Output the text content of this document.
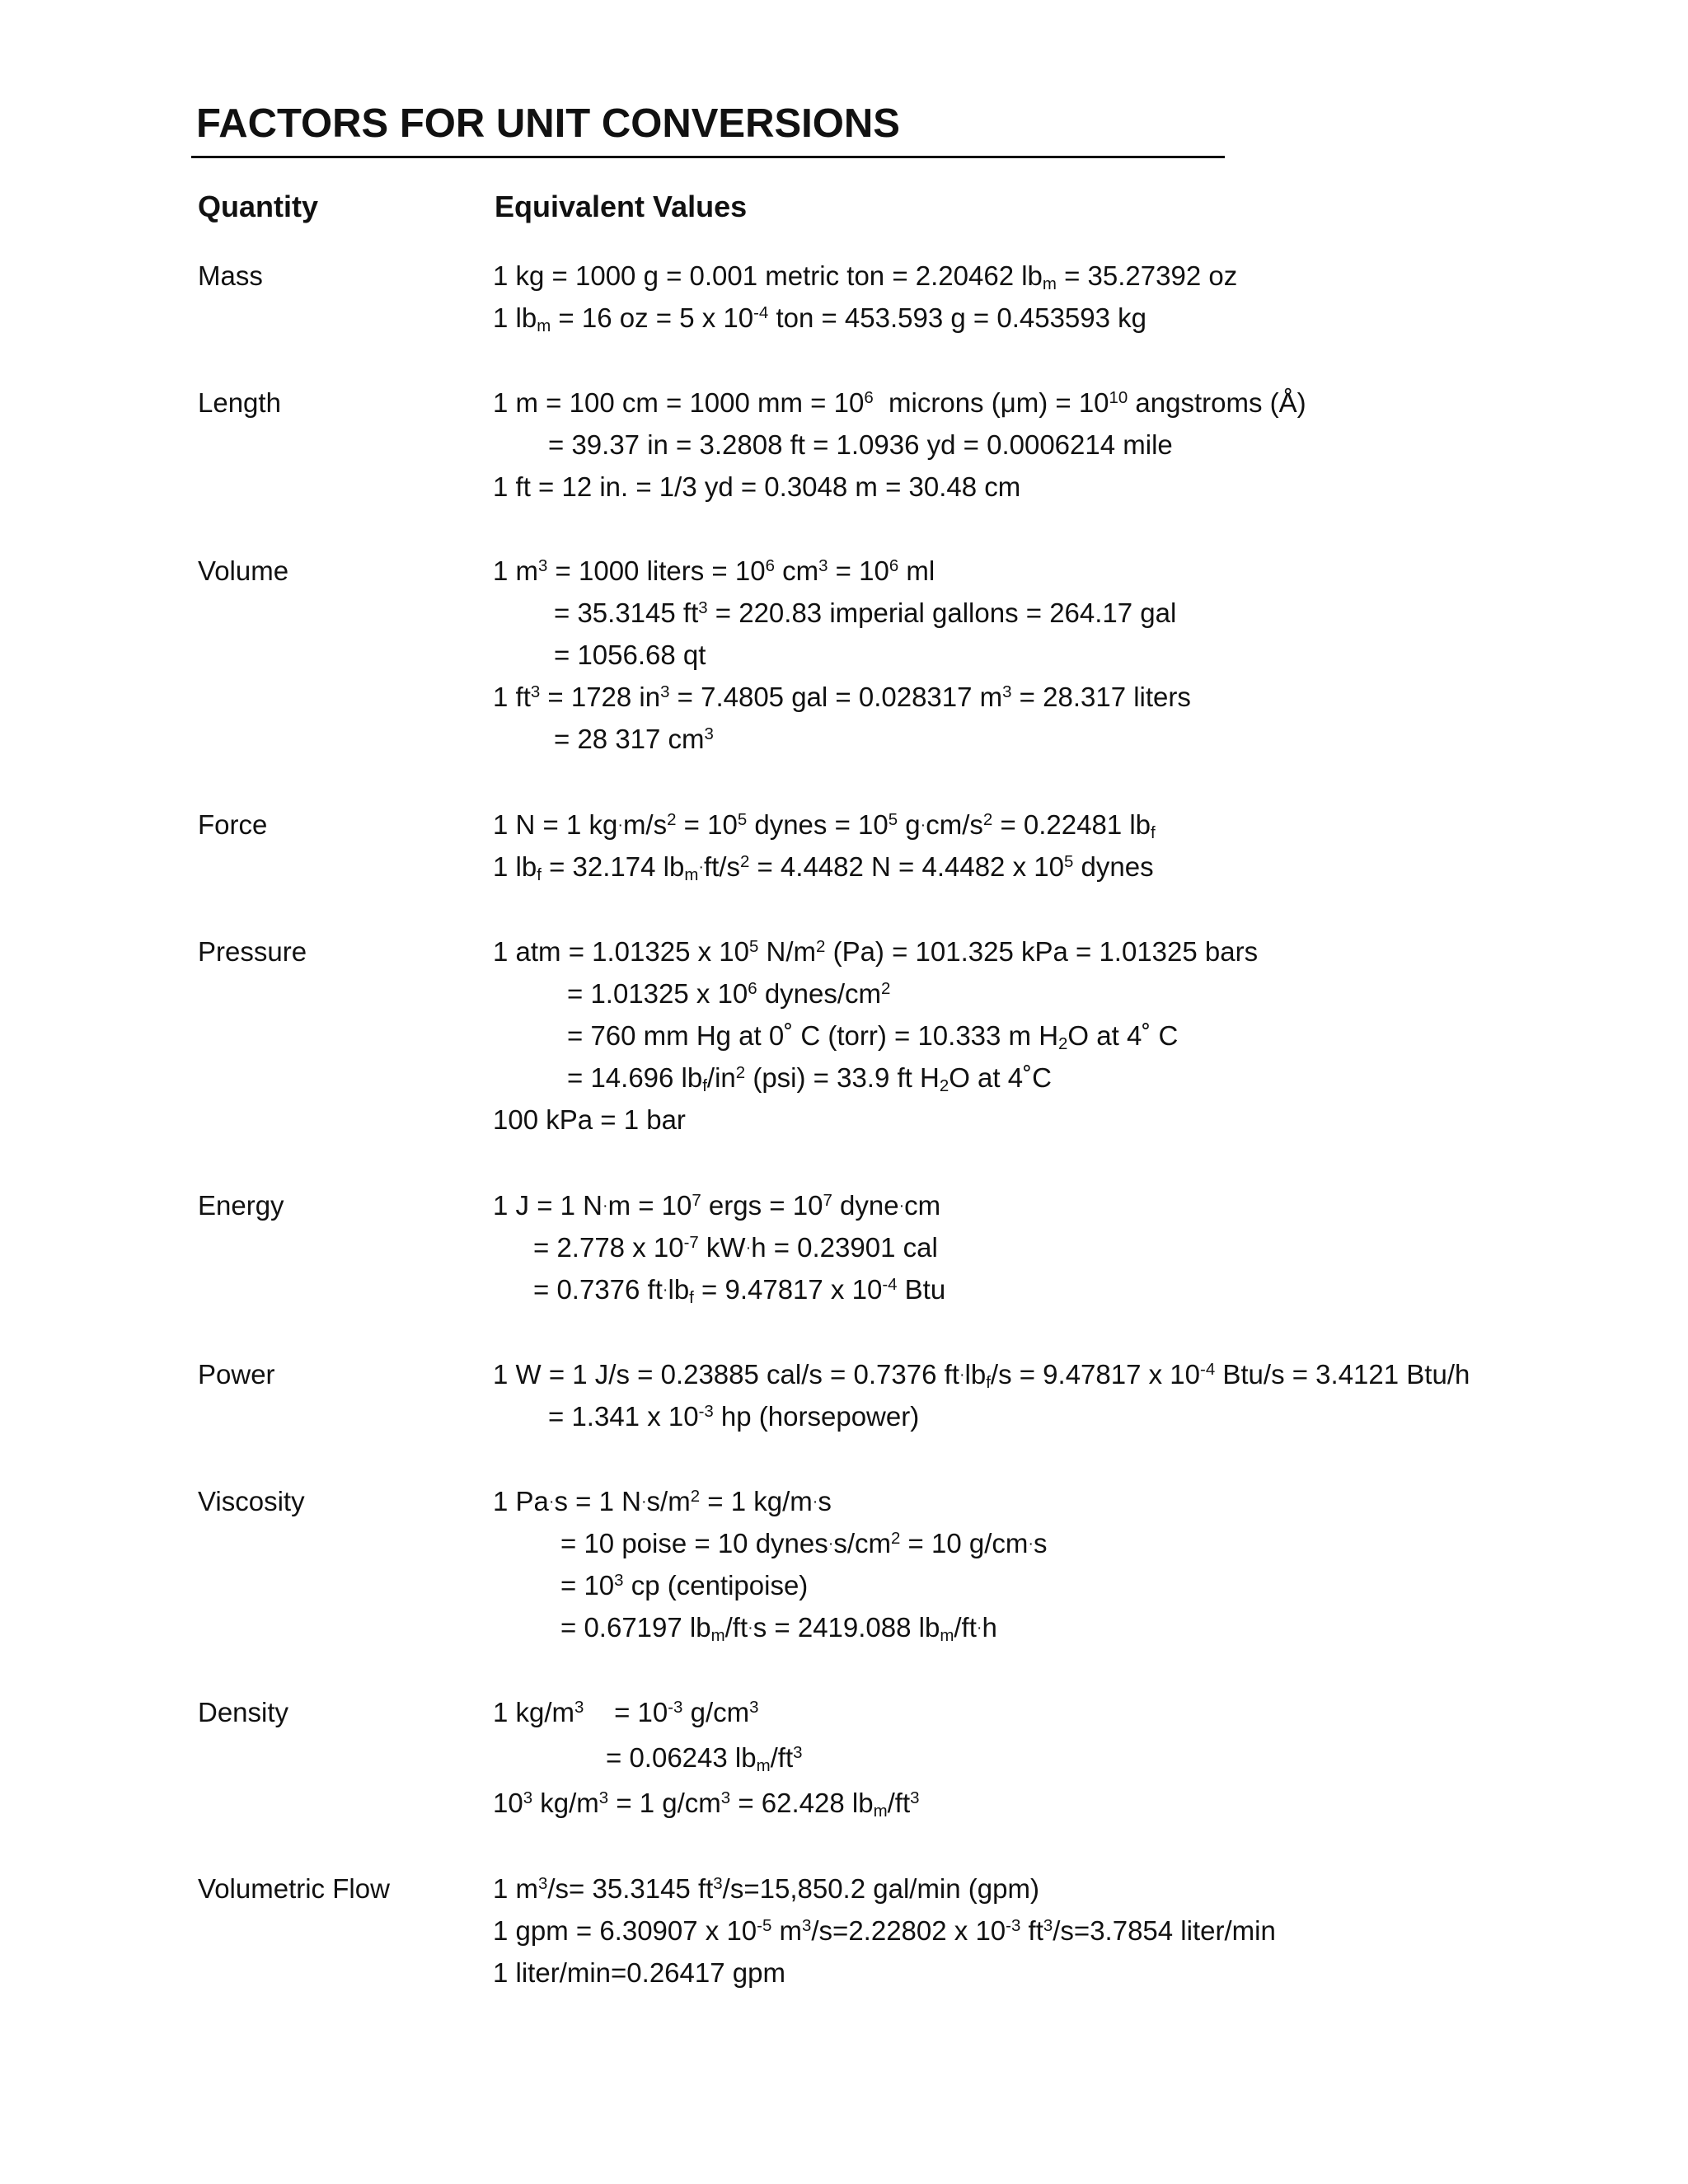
FACTORS FOR UNIT CONVERSIONS
Quantity	Equivalent Values
Mass	1 kg = 1000 g = 0.001 metric ton = 2.20462 $lb_m = 35.27392$ oz
1 $lb_m = 16$ oz = 5 x $10^{-4}$ ton = 453.593 g = 0.453593 kg
Length	1 m = 100 cm = 1000 mm = $10^6$  microns $(\mu m) = 10^{10}$ angstroms (Å)
= 39.37 in = 3.2808 ft = 1.0936 yd = 0.0006214 mile
1 ft = 12 in. = 1/3 yd = 0.3048 m = 30.48 cm
Volume	1 $m^3 = 1000$ liters = $10^6$ $cm^3 = 10^6$ ml
= 35.3145 $ft^3 = 220.83$ imperial gallons = 264.17 gal
= 1056.68 qt
1 $ft^3 = 1728$ $in^3 = 7.4805$ gal = 0.028317 $m^3 = 28.317$ liters
= 28 317 $cm^3$
Force	1 N = 1 $kg\cdot m/s^2 = 10^5$ dynes = $10^5$ $g\cdot cm/s^2 = 0.22481$ $lb_f$
1 $lb_f = 32.174$ $lb_m\cdot ft/s^2 = 4.4482$ N = 4.4482 x $10^5$ dynes
Pressure	1 atm = 1.01325 x $10^5$ $N/m^2$ (Pa) = 101.325 kPa = 1.01325 bars
= 1.01325 x $10^6$ dynes/$cm^2$
= 760 mm Hg at 0˚ C (torr) = 10.333 m $H_2O$ at 4˚ C
= 14.696 $lb_f/in^2$ (psi) = 33.9 ft $H_2O$ at 4˚C
100 kPa = 1 bar
Energy	1 J = 1 $N\cdot m = 10^7$ ergs = $10^7$ dyne·cm
= 2.778 x $10^{-7}$ kW·h = 0.23901 cal
= 0.7376 $ft\cdot lb_f = 9.47817$ x $10^{-4}$ Btu
Power	1 W = 1 J/s = 0.23885 cal/s = 0.7376 $ft\cdot lb_f/s = 9.47817$ x $10^{-4}$ Btu/s = 3.4121 Btu/h
= 1.341 x $10^{-3}$ hp (horsepower)
Viscosity	1 Pa·s = 1 $N\cdot s/m^2 = 1$ kg/m·s
= 10 poise = 10 $dynes\cdot s/cm^2 = 10$ g/cm·s
= $10^3$ cp (centipoise)
= 0.67197 $lb_m/ft\cdot s = 2419.088$ $lb_m/ft\cdot h$
Density	1 $kg/m^3$    = $10^{-3}$ $g/cm^3$
= 0.06243 $lb_m/ft^3$
$10^3$ $kg/m^3 = 1$ $g/cm^3 = 62.428$ $lb_m/ft^3$
Volumetric Flow	1 $m^3/s= 35.3145$ $ft^3/s=15,850.2$ gal/min (gpm)
1 gpm = 6.30907 x $10^{-5}$ $m^3/s=2.22802$ x $10^{-3}$ $ft^3/s=3.7854$ liter/min
1 liter/min=0.26417 gpm
